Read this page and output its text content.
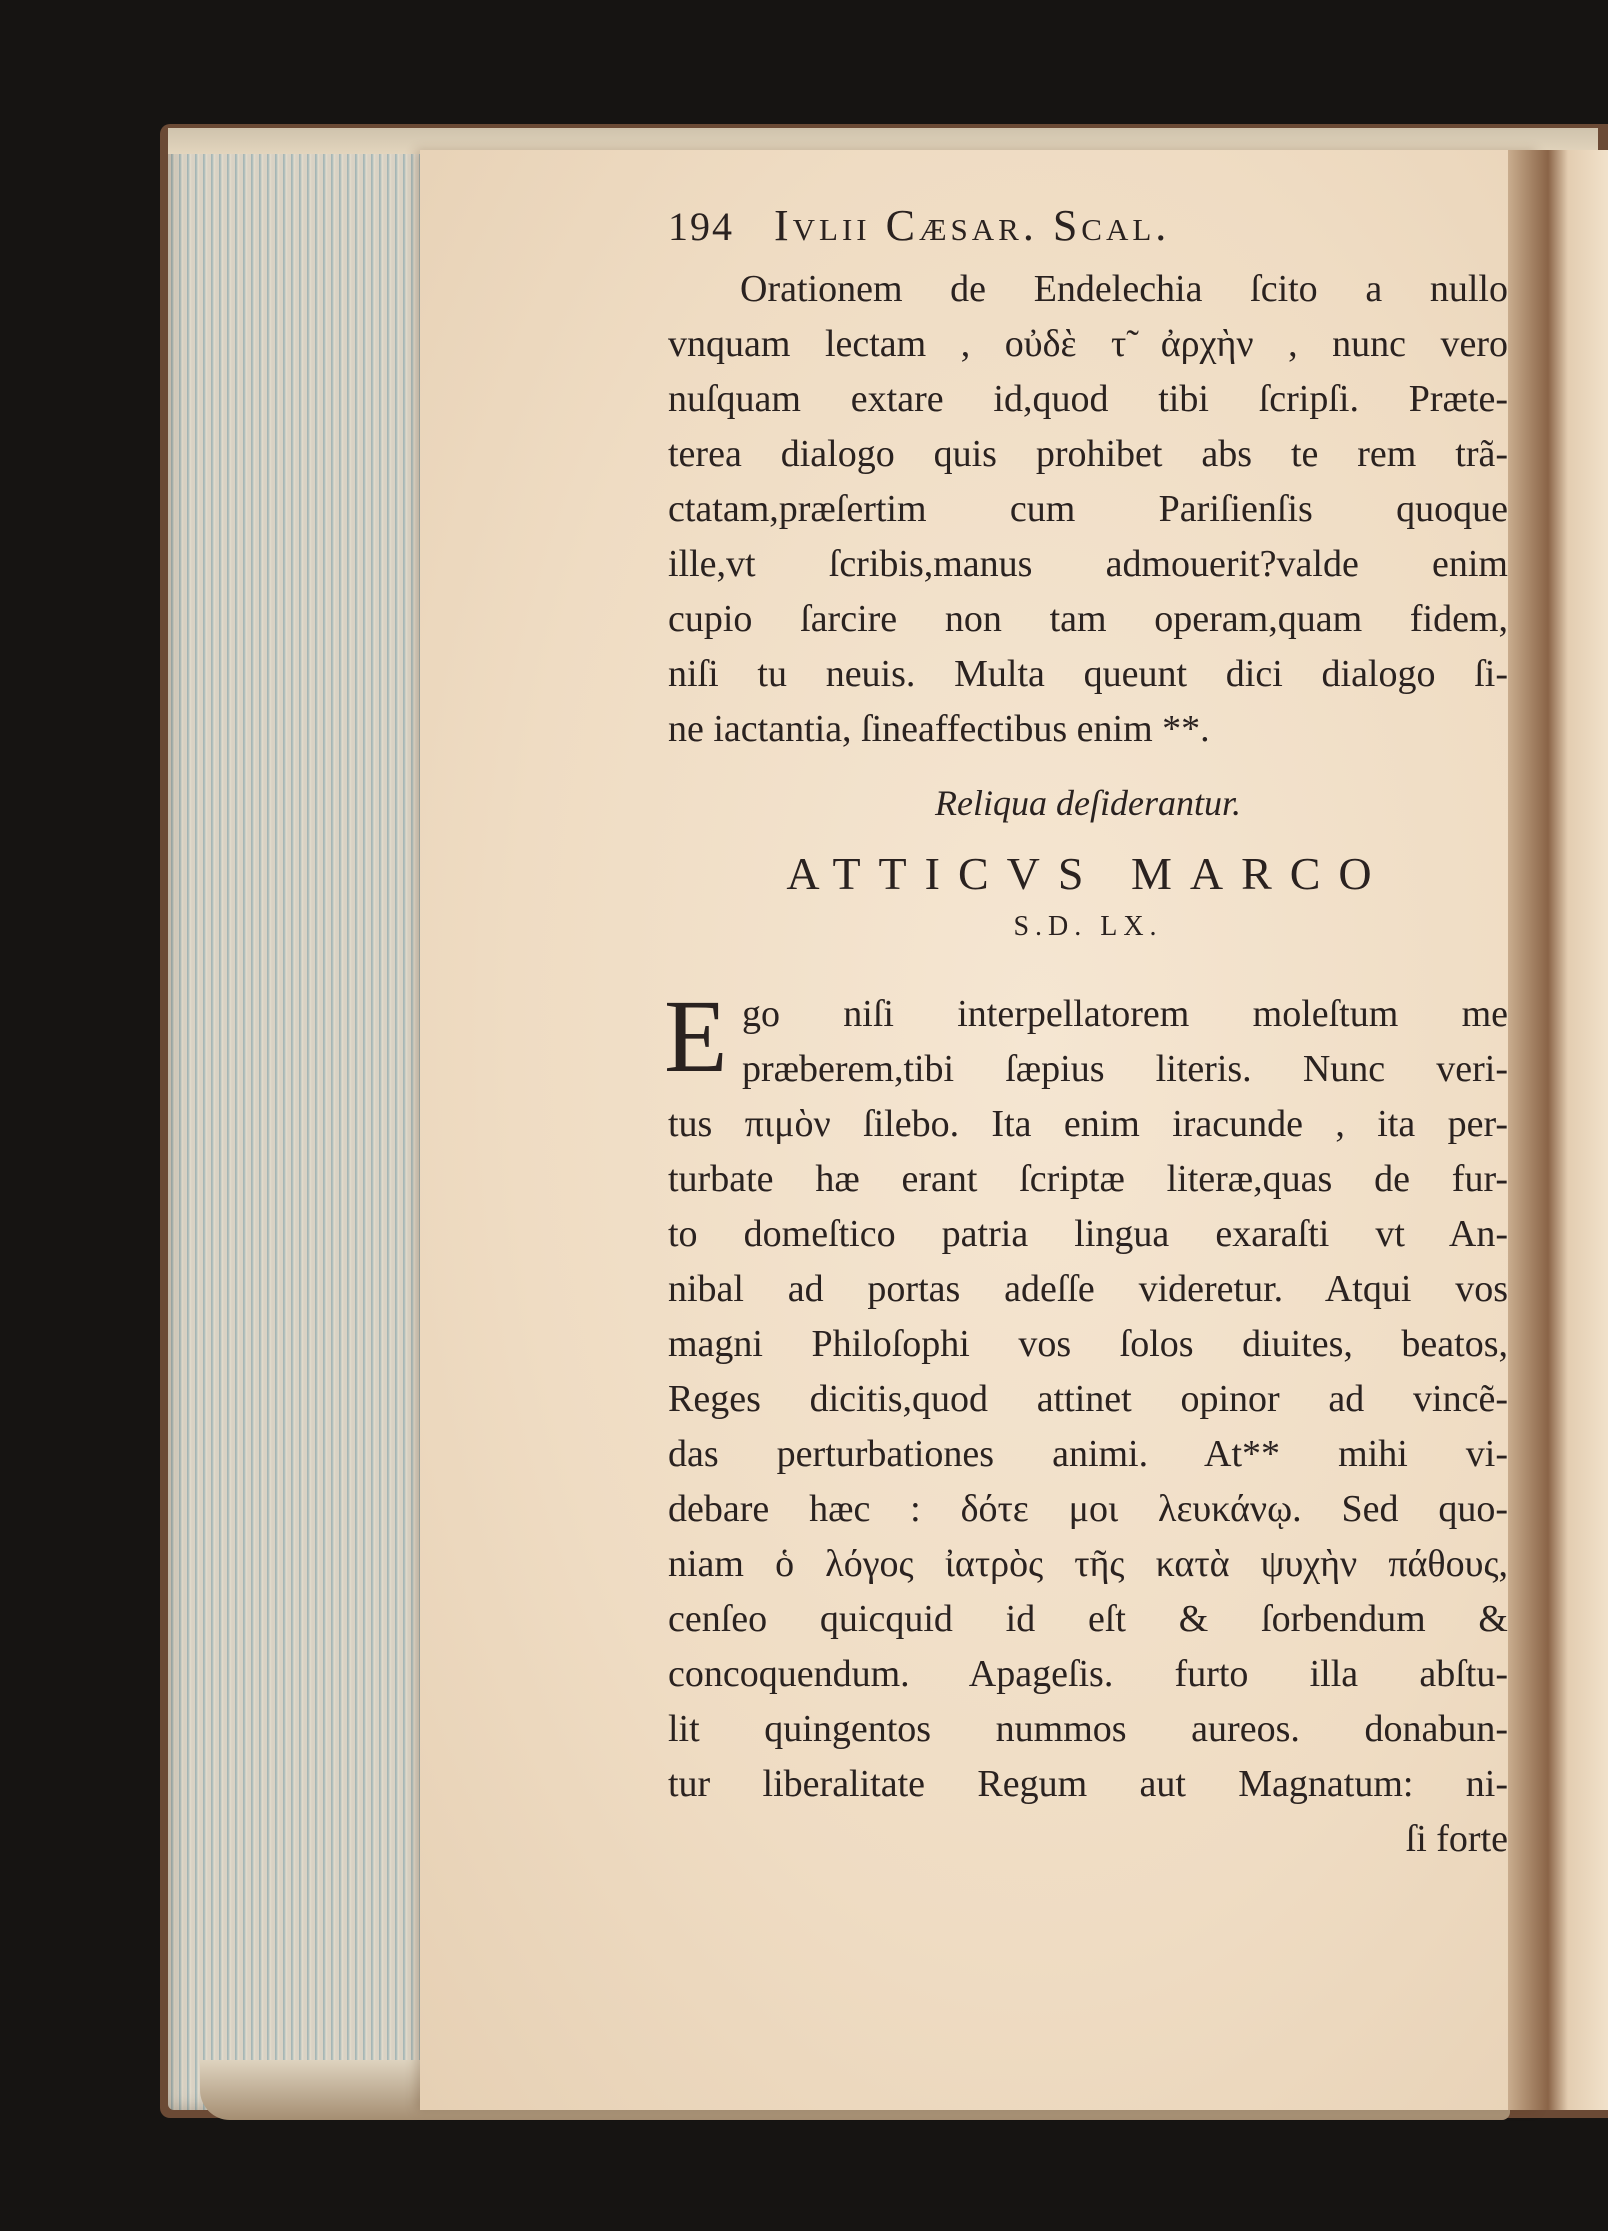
194 Ivlii Cæsar. Scal.
Orationem de Endelechia ſcito a nullo
vnquam lectam , οὐδὲ τ̃ ἀρχὴν , nunc vero
nuſquam extare id,quod tibi ſcripſi. Præte-
terea dialogo quis prohibet abs te rem trã-
ctatam,præſertim cum Pariſienſis quoque
ille,vt ſcribis,manus admouerit?valde enim
cupio ſarcire non tam operam,quam fidem,
niſi tu neuis. Multa queunt dici dialogo ſi-
ne iactantia, ſineaffectibus enim **.
Reliqua deſiderantur.
ATTICVS MARCO
S.D. LX.
E go niſi interpellatorem moleſtum me
præberem,tibi ſæpius literis. Nunc veri-
tus πιμὸν ſilebo. Ita enim iracunde , ita per-
turbate hæ erant ſcriptæ literæ,quas de fur-
to domeſtico patria lingua exaraſti vt An-
nibal ad portas adeſſe videretur. Atqui vos
magni Philoſophi vos ſolos diuites, beatos,
Reges dicitis,quod attinet opinor ad vincẽ-
das perturbationes animi. At** mihi vi-
debare hæc : δότε μοι λευκάνῳ. Sed quo-
niam ὁ λόγος ἰατρὸς τῆς κατὰ ψυχὴν πάθους,
cenſeo quicquid id eſt & ſorbendum &
concoquendum. Apageſis. furto illa abſtu-
lit quingentos nummos aureos. donabun-
tur liberalitate Regum aut Magnatum: ni-
ſi forte
